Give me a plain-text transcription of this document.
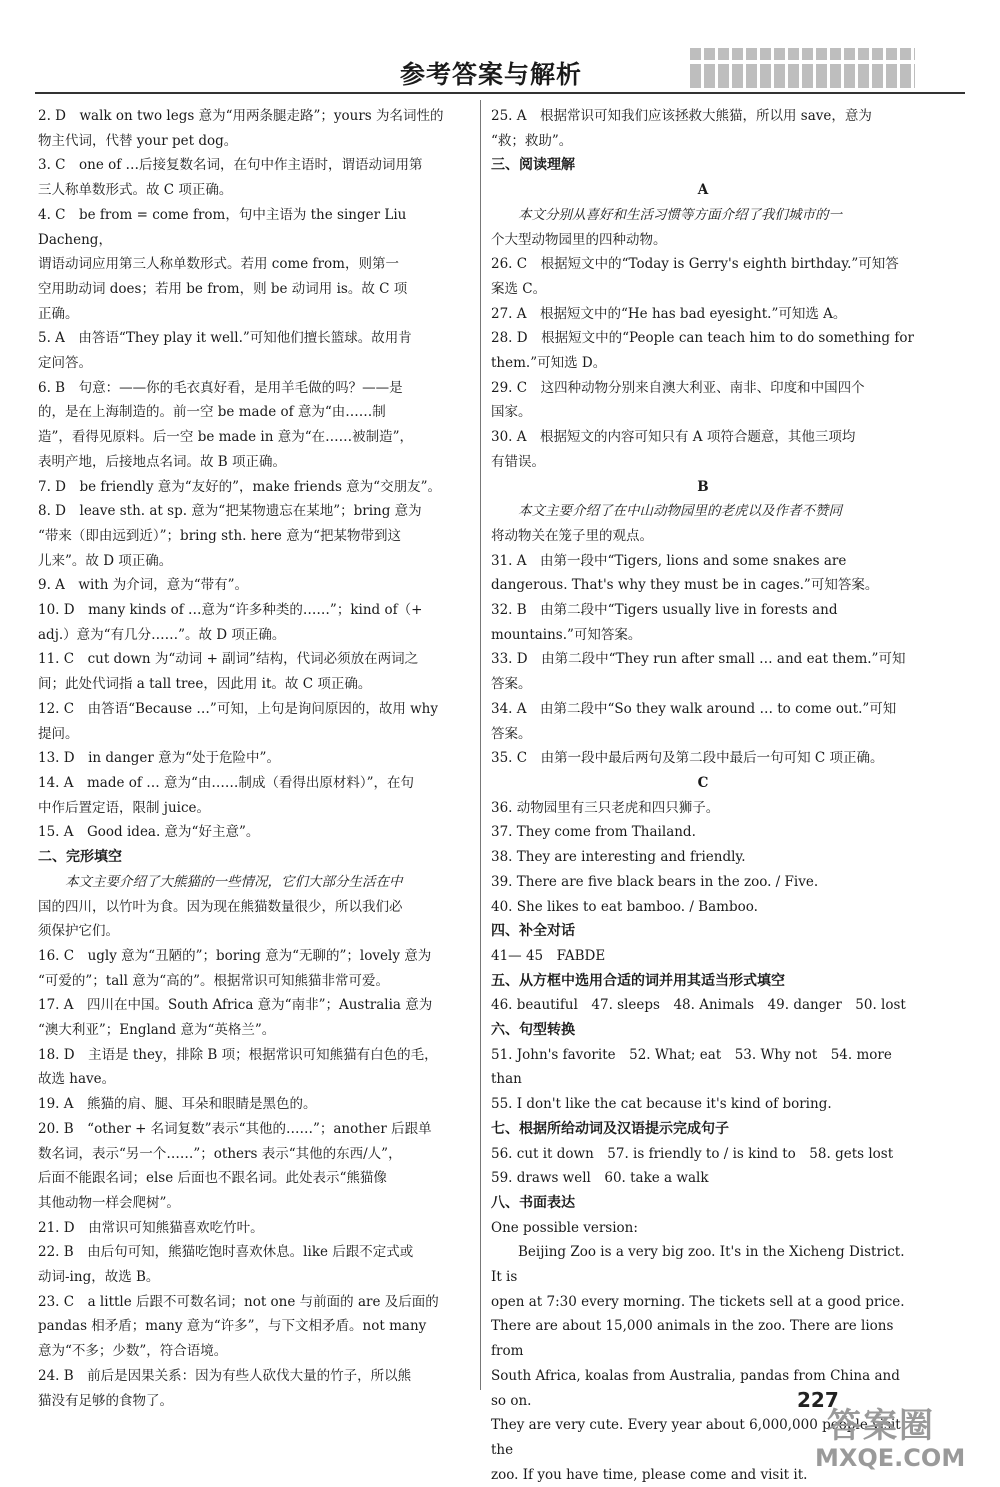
参考答案与解析

2. D　walk on two legs 意为“用两条腿走路”；yours 为名词性的

物主代词，代替 your pet dog。

3. C　one of …后接复数名词，在句中作主语时，谓语动词用第

三人称单数形式。故 C 项正确。

4. C　be from = come from，句中主语为 the singer Liu Dacheng，

谓语动词应用第三人称单数形式。若用 come from，则第一

空用助动词 does；若用 be from，则 be 动词用 is。故 C 项

正确。

5. A　由答语“They play it well.”可知他们擅长篮球。故用肯

定问答。

6. B　句意：——你的毛衣真好看，是用羊毛做的吗？——是

的，是在上海制造的。前一空 be made of 意为“由……制

造”，看得见原料。后一空 be made in 意为“在……被制造”，

表明产地，后接地点名词。故 B 项正确。

7. D　be friendly 意为“友好的”，make friends 意为“交朋友”。

8. D　leave sth. at sp. 意为“把某物遗忘在某地”；bring 意为

“带来（即由远到近）”；bring sth. here 意为“把某物带到这

儿来”。故 D 项正确。

9. A　with 为介词，意为“带有”。

10. D　many kinds of …意为“许多种类的……”；kind of（+

adj.）意为“有几分……”。故 D 项正确。

11. C　cut down 为“动词 + 副词”结构，代词必须放在两词之

间；此处代词指 a tall tree，因此用 it。故 C 项正确。

12. C　由答语“Because …”可知，上句是询问原因的，故用 why

提问。

13. D　in danger 意为“处于危险中”。

14. A　made of … 意为“由……制成（看得出原材料）”，在句

中作后置定语，限制 juice。

15. A　Good idea. 意为“好主意”。

二、完形填空

本文主要介绍了大熊猫的一些情况，它们大部分生活在中

国的四川，以竹叶为食。因为现在熊猫数量很少，所以我们必

须保护它们。

16. C　ugly 意为“丑陋的”；boring 意为“无聊的”；lovely 意为

“可爱的”；tall 意为“高的”。根据常识可知熊猫非常可爱。

17. A　四川在中国。South Africa 意为“南非”；Australia 意为

“澳大利亚”；England 意为“英格兰”。

18. D　主语是 they，排除 B 项；根据常识可知熊猫有白色的毛，

故选 have。

19. A　熊猫的肩、腿、耳朵和眼睛是黑色的。

20. B　“other + 名词复数”表示“其他的……”；another 后跟单

数名词，表示“另一个……”；others 表示“其他的东西/人”，

后面不能跟名词；else 后面也不跟名词。此处表示“熊猫像

其他动物一样会爬树”。

21. D　由常识可知熊猫喜欢吃竹叶。

22. B　由后句可知，熊猫吃饱时喜欢休息。like 后跟不定式或

动词-ing，故选 B。

23. C　a little 后跟不可数名词；not one 与前面的 are 及后面的

pandas 相矛盾；many 意为“许多”，与下文相矛盾。not many

意为“不多；少数”，符合语境。

24. B　前后是因果关系：因为有些人砍伐大量的竹子，所以熊

猫没有足够的食物了。

25. A　根据常识可知我们应该拯救大熊猫，所以用 save，意为

“救；救助”。

三、阅读理解

A

本文分别从喜好和生活习惯等方面介绍了我们城市的一

个大型动物园里的四种动物。

26. C　根据短文中的“Today is Gerry's eighth birthday.”可知答

案选 C。

27. A　根据短文中的“He has bad eyesight.”可知选 A。

28. D　根据短文中的“People can teach him to do something for

them.”可知选 D。

29. C　这四种动物分别来自澳大利亚、南非、印度和中国四个

国家。

30. A　根据短文的内容可知只有 A 项符合题意，其他三项均

有错误。

B

本文主要介绍了在中山动物园里的老虎以及作者不赞同

将动物关在笼子里的观点。

31. A　由第一段中“Tigers, lions and some snakes are

dangerous. That's why they must be in cages.”可知答案。

32. B　由第二段中“Tigers usually live in forests and

mountains.”可知答案。

33. D　由第二段中“They run after small … and eat them.”可知

答案。

34. A　由第二段中“So they walk around … to come out.”可知

答案。

35. C　由第一段中最后两句及第二段中最后一句可知 C 项正确。

C

36. 动物园里有三只老虎和四只狮子。

37. They come from Thailand.

38. They are interesting and friendly.

39. There are five black bears in the zoo. / Five.

40. She likes to eat bamboo. / Bamboo.

四、补全对话

41— 45　FABDE

五、从方框中选用合适的词并用其适当形式填空

46. beautiful　47. sleeps　48. Animals　49. danger　50. lost

六、句型转换

51. John's favorite　52. What; eat　53. Why not　54. more than

55. I don't like the cat because it's kind of boring.

七、根据所给动词及汉语提示完成句子

56. cut it down　57. is friendly to / is kind to　58. gets lost

59. draws well　60. take a walk

八、书面表达

One possible version:

　　Beijing Zoo is a very big zoo. It's in the Xicheng District. It is

open at 7:30 every morning. The tickets sell at a good price.

There are about 15,000 animals in the zoo. There are lions from

South Africa, koalas from Australia, pandas from China and so on.

They are very cute. Every year about 6,000,000 people visit the

zoo. If you have time, please come and visit it.

227
答案圈
MXQE.COM
